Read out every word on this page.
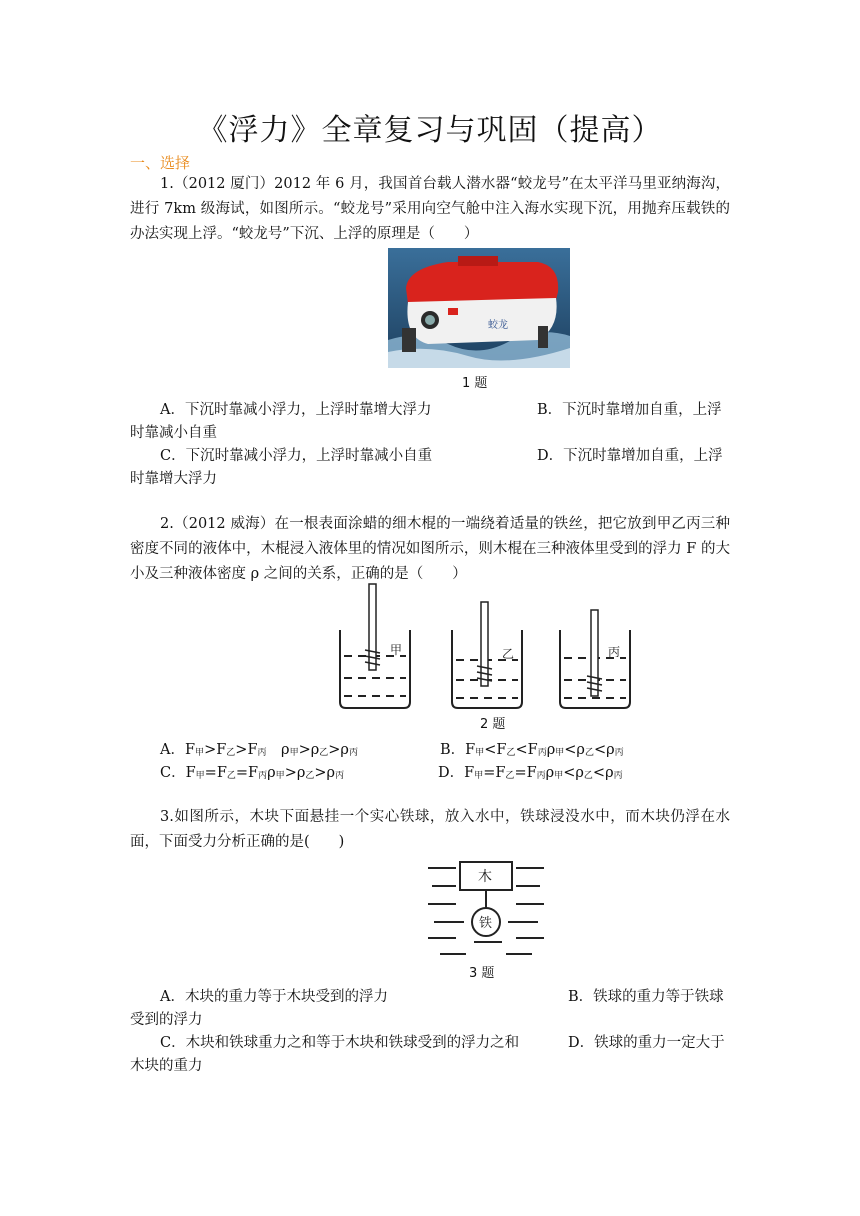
《浮力》全章复习与巩固（提高）
一、选择
1.（2012 厦门）2012 年 6 月，我国首台载人潜水器“蛟龙号”在太平洋马里亚纳海沟，进行 7km 级海试，如图所示。“蛟龙号”采用向空气舱中注入海水实现下沉，用抛弃压载铁的办法实现上浮。“蛟龙号”下沉、上浮的原理是（　　）
蛟龙
1 题
A．下沉时靠减小浮力，上浮时靠增大浮力	B．下沉时靠增加自重，上浮
时靠减小自重
C．下沉时靠减小浮力，上浮时靠减小自重	D．下沉时靠增加自重，上浮
时靠增大浮力
2.（2012 威海）在一根表面涂蜡的细木棍的一端绕着适量的铁丝，把它放到甲乙丙三种密度不同的液体中，木棍浸入液体里的情况如图所示，则木棍在三种液体里受到的浮力 F 的大小及三种液体密度 ρ 之间的关系，正确的是（　　）
甲	乙	丙
2 题
A．$F_甲>F_乙>F_丙$　$\rho_甲>\rho_乙>\rho_丙$	B．$F_甲<F_乙<F_丙\rho_甲<\rho_乙<\rho_丙$
C．$F_甲=F_乙=F_丙\rho_甲>\rho_乙>\rho_丙$	D．$F_甲=F_乙=F_丙\rho_甲<\rho_乙<\rho_丙$
3.如图所示，木块下面悬挂一个实心铁球，放入水中，铁球浸没水中，而木块仍浮在水面，下面受力分析正确的是(　　)
木
铁
3 题
A．木块的重力等于木块受到的浮力	B．铁球的重力等于铁球
受到的浮力
C．木块和铁球重力之和等于木块和铁球受到的浮力之和	D．铁球的重力一定大于
木块的重力
